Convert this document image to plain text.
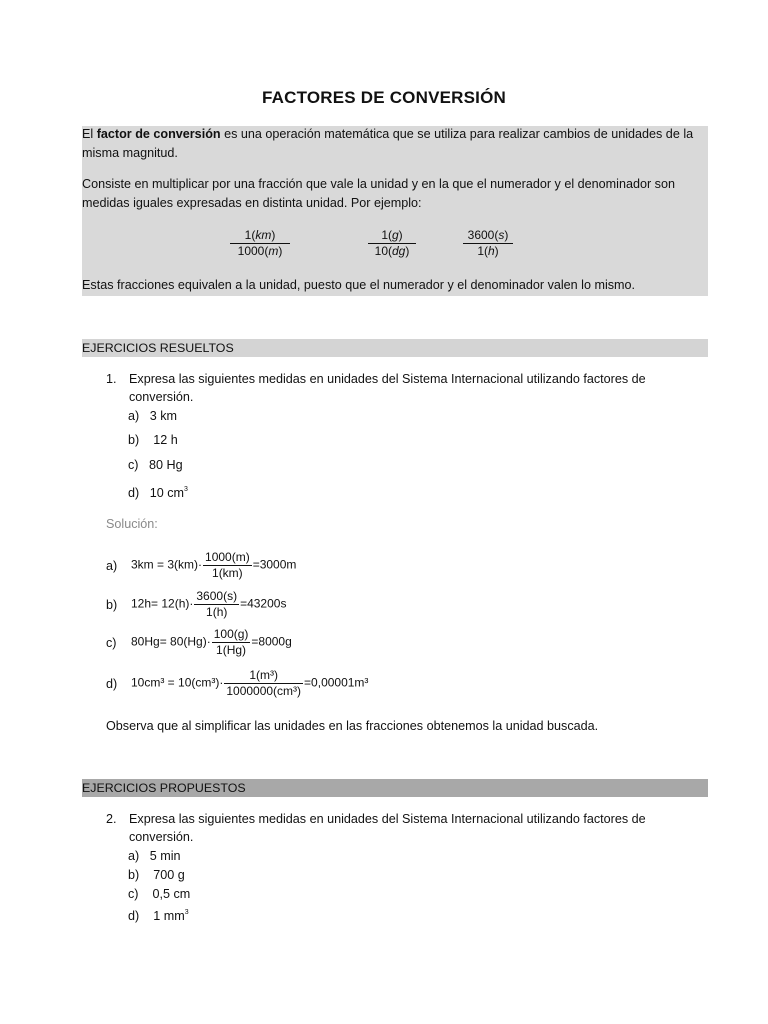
FACTORES DE CONVERSIÓN
El factor de conversión es una operación matemática que se utiliza para realizar cambios de unidades de la
misma magnitud.
Consiste en multiplicar por una fracción que vale la unidad y en la que el numerador y el denominador son
medidas iguales expresadas en distinta unidad. Por ejemplo:
$\frac{1(km)}{1000(m)}$	$\frac{1(g)}{10(dg)}$	$\frac{3600(s)}{1(h)}$
Estas fracciones equivalen a la unidad, puesto que el numerador y el denominador valen lo mismo.
EJERCICIOS RESUELTOS
1. Expresa las siguientes medidas en unidades del Sistema Internacional utilizando factores de
conversión.
a) 3 km
b)    12 h
c) 80 Hg
d) 10 $cm^3$
Solución:
a) $3km = 3(km)\cdot \frac{1000(m)}{1(km)} =3000m$
b) $12h= 12(h)\cdot \frac{3600(s)}{1(h)} =43200s$
c) $80Hg= 80(Hg)\cdot \frac{100(g)}{1(Hg)} =8000g$
d) $10cm^3 = 10(cm^3)\cdot \frac{\text{1(m³)}}{\text{1000000(cm³)}} =0,00001m^3$
Observa que al simplificar las unidades en las fracciones obtenemos la unidad buscada.
EJERCICIOS PROPUESTOS
2. Expresa las siguientes medidas en unidades del Sistema Internacional utilizando factores de
conversión.
a) 5 min
b)    700 g
c)    0,5 cm
d)    1 $mm^3$
